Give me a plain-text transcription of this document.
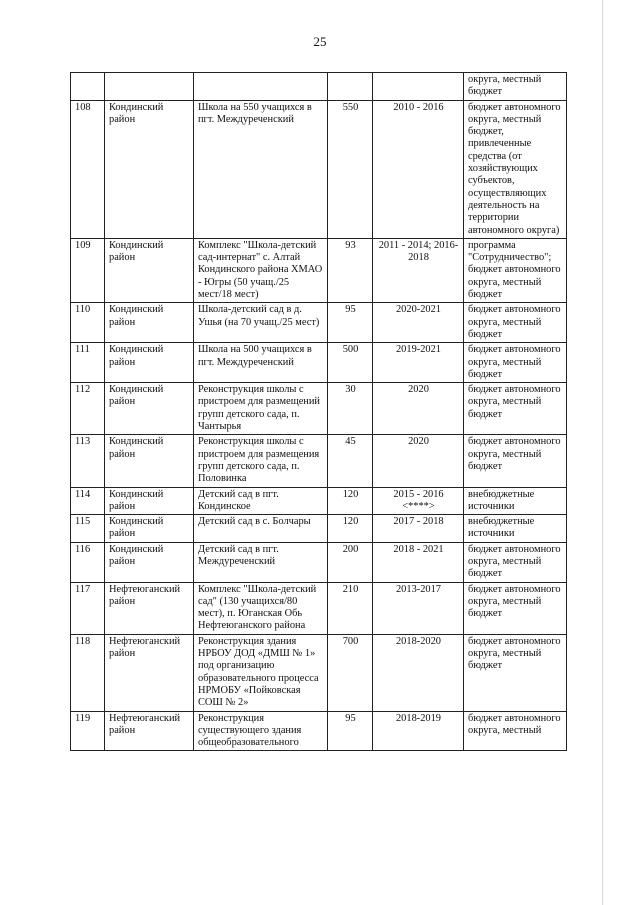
25
					округа, местный бюджет
108	Кондинский район	Школа на 550 учащихся в пгт. Междуреченский	550	2010 - 2016	бюджет автономного округа, местный бюджет, привлеченные средства (от хозяйствующих субъектов, осуществляющих деятельность на территории автономного округа)
109	Кондинский район	Комплекс "Школа-детский сад-интернат" с. Алтай Кондинского района ХМАО - Югры (50 учащ./25 мест/18 мест)	93	2011 - 2014; 2016-2018	программа "Сотрудничество"; бюджет автономного округа, местный бюджет
110	Кондинский район	Школа-детский сад в д. Ушья (на 70 учащ./25 мест)	95	2020-2021	бюджет автономного округа, местный бюджет
111	Кондинский район	Школа на 500 учащихся в пгт. Междуреченский	500	2019-2021	бюджет автономного округа, местный бюджет
112	Кондинский район	Реконструкция школы с пристроем для размещений групп детского сада, п. Чантырья	30	2020	бюджет автономного округа, местный бюджет
113	Кондинский район	Реконструкция школы с пристроем для размещения групп детского сада, п. Половинка	45	2020	бюджет автономного округа, местный бюджет
114	Кондинский район	Детский сад в пгт. Кондинское	120	2015 - 2016 <****>	внебюджетные источники
115	Кондинский район	Детский сад в с. Болчары	120	2017 - 2018	внебюджетные источники
116	Кондинский район	Детский сад в пгт. Междуреченский	200	2018 - 2021	бюджет автономного округа, местный бюджет
117	Нефтеюганский район	Комплекс "Школа-детский сад" (130 учащихся/80 мест), п. Юганская Обь Нефтеюганского района	210	2013-2017	бюджет автономного округа, местный бюджет
118	Нефтеюганский район	Реконструкция здания НРБОУ ДОД «ДМШ № 1» под организацию образовательного процесса НРМОБУ «Пойковская СОШ № 2»	700	2018-2020	бюджет автономного округа, местный бюджет
119	Нефтеюганский район	Реконструкция существующего здания общеобразовательного	95	2018-2019	бюджет автономного округа, местный
